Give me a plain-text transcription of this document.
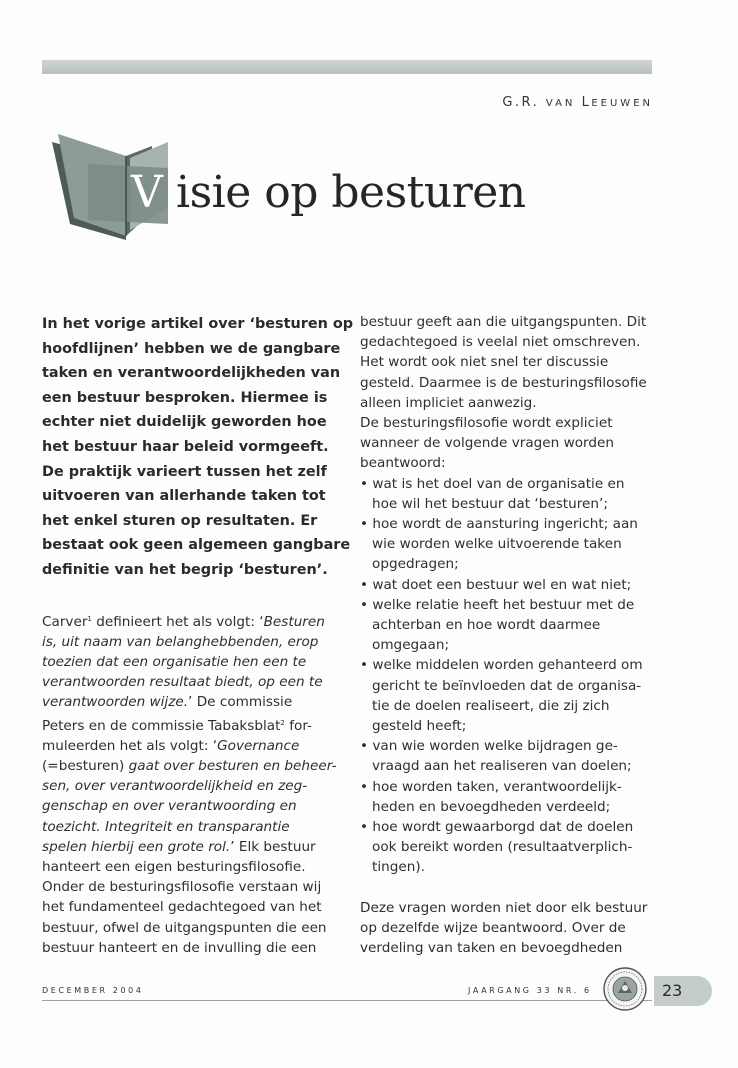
G.R. VAN LEEUWEN
V isie op besturen
In het vorige artikel over ‘besturen op
hoofdlijnen’ hebben we de gangbare
taken en verantwoordelijkheden van
een bestuur besproken. Hiermee is
echter niet duidelijk geworden hoe
het bestuur haar beleid vormgeeft.
De praktijk varieert tussen het zelf
uitvoeren van allerhande taken tot
het enkel sturen op resultaten. Er
bestaat ook geen algemeen gangbare
definitie van het begrip ‘besturen’.
Carver$^1$ definieert het als volgt: ‘Besturen
is, uit naam van belanghebbenden, erop
toezien dat een organisatie hen een te
verantwoorden resultaat biedt, op een te
verantwoorden wijze.’ De commissie
Peters en de commissie Tabaksblat$^2$ for-
muleerden het als volgt: ‘Governance
(=besturen) gaat over besturen en beheer-
sen, over verantwoordelijkheid en zeg-
genschap en over verantwoording en
toezicht. Integriteit en transparantie
spelen hierbij een grote rol.’ Elk bestuur
hanteert een eigen besturingsfilosofie.
Onder de besturingsfilosofie verstaan wij
het fundamenteel gedachtegoed van het
bestuur, ofwel de uitgangspunten die een
bestuur hanteert en de invulling die een
bestuur geeft aan die uitgangspunten. Dit
gedachtegoed is veelal niet omschreven.
Het wordt ook niet snel ter discussie
gesteld. Daarmee is de besturingsfilosofie
alleen impliciet aanwezig.
De besturingsfilosofie wordt expliciet
wanneer de volgende vragen worden
beantwoord:
• wat is het doel van de organisatie en
hoe wil het bestuur dat ‘besturen’;
• hoe wordt de aansturing ingericht; aan
wie worden welke uitvoerende taken
opgedragen;
• wat doet een bestuur wel en wat niet;
• welke relatie heeft het bestuur met de
achterban en hoe wordt daarmee
omgegaan;
• welke middelen worden gehanteerd om
gericht te beïnvloeden dat de organisa-
tie de doelen realiseert, die zij zich
gesteld heeft;
• van wie worden welke bijdragen ge-
vraagd aan het realiseren van doelen;
• hoe worden taken, verantwoordelijk-
heden en bevoegdheden verdeeld;
• hoe wordt gewaarborgd dat de doelen
ook bereikt worden (resultaatverplich-
tingen).
Deze vragen worden niet door elk bestuur
op dezelfde wijze beantwoord. Over de
verdeling van taken en bevoegdheden
DECEMBER 2004	JAARGANG 33 NR. 6	23
